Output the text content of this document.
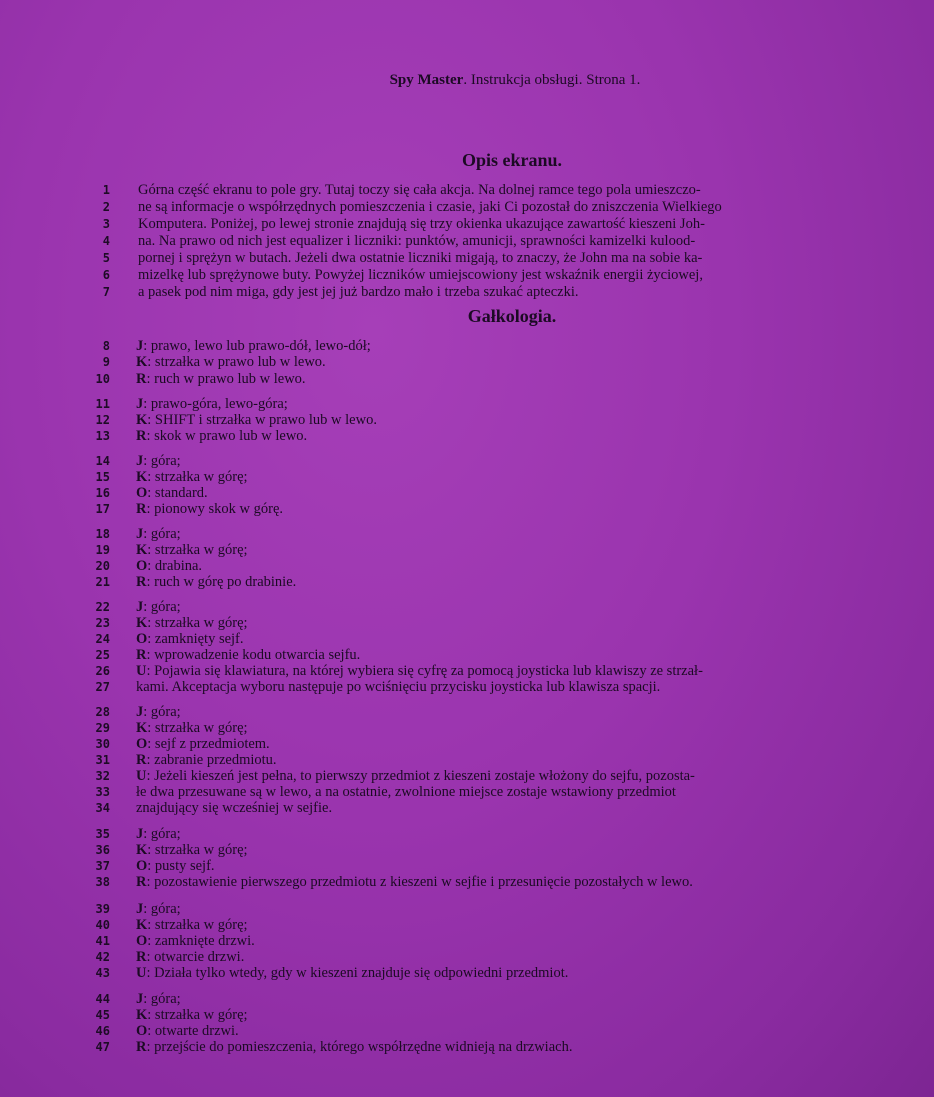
Spy Master. Instrukcja obsługi. Strona 1.
Opis ekranu.
1 Górna część ekranu to pole gry. Tutaj toczy się cała akcja. Na dolnej ramce tego pola umieszczo-
2 ne są informacje o współrzędnych pomieszczenia i czasie, jaki Ci pozostał do zniszczenia Wielkiego
3 Komputera. Poniżej, po lewej stronie znajdują się trzy okienka ukazujące zawartość kieszeni Joh-
4 na. Na prawo od nich jest equalizer i liczniki: punktów, amunicji, sprawności kamizelki kulood-
5 pornej i sprężyn w butach. Jeżeli dwa ostatnie liczniki migają, to znaczy, że John ma na sobie ka-
6 mizelkę lub sprężynowe buty. Powyżej liczników umiejscowiony jest wskaźnik energii życiowej,
7 a pasek pod nim miga, gdy jest jej już bardzo mało i trzeba szukać apteczki.
Gałkologia.
8 J: prawo, lewo lub prawo-dół, lewo-dół;
9 K: strzałka w prawo lub w lewo.
10 R: ruch w prawo lub w lewo.
11 J: prawo-góra, lewo-góra;
12 K: SHIFT i strzałka w prawo lub w lewo.
13 R: skok w prawo lub w lewo.
14 J: góra;
15 K: strzałka w górę;
16 O: standard.
17 R: pionowy skok w górę.
18 J: góra;
19 K: strzałka w górę;
20 O: drabina.
21 R: ruch w górę po drabinie.
22 J: góra;
23 K: strzałka w górę;
24 O: zamknięty sejf.
25 R: wprowadzenie kodu otwarcia sejfu.
26 U: Pojawia się klawiatura, na której wybiera się cyfrę za pomocą joysticka lub klawiszy ze strzał-
27 kami. Akceptacja wyboru następuje po wciśnięciu przycisku joysticka lub klawisza spacji.
28 J: góra;
29 K: strzałka w górę;
30 O: sejf z przedmiotem.
31 R: zabranie przedmiotu.
32 U: Jeżeli kieszeń jest pełna, to pierwszy przedmiot z kieszeni zostaje włożony do sejfu, pozosta-
33 łe dwa przesuwane są w lewo, a na ostatnie, zwolnione miejsce zostaje wstawiony przedmiot
34 znajdujący się wcześniej w sejfie.
35 J: góra;
36 K: strzałka w górę;
37 O: pusty sejf.
38 R: pozostawienie pierwszego przedmiotu z kieszeni w sejfie i przesunięcie pozostałych w lewo.
39 J: góra;
40 K: strzałka w górę;
41 O: zamknięte drzwi.
42 R: otwarcie drzwi.
43 U: Działa tylko wtedy, gdy w kieszeni znajduje się odpowiedni przedmiot.
44 J: góra;
45 K: strzałka w górę;
46 O: otwarte drzwi.
47 R: przejście do pomieszczenia, którego współrzędne widnieją na drzwiach.
